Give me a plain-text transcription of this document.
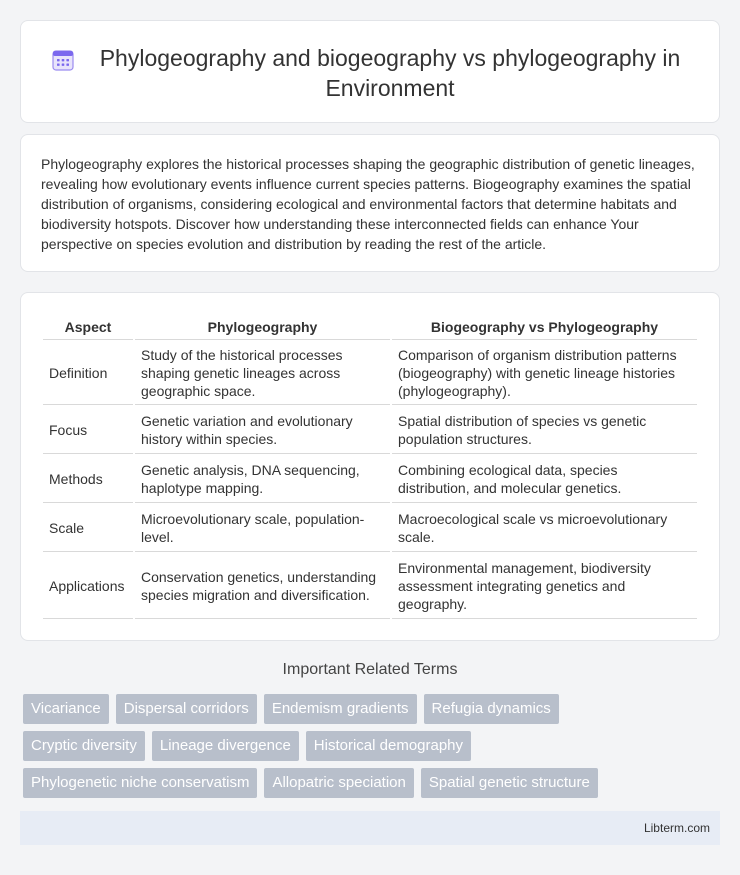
Phylogeography and biogeography vs phylogeography in Environment

Phylogeography explores the historical processes shaping the geographic distribution of genetic lineages, revealing how evolutionary events influence current species patterns. Biogeography examines the spatial distribution of organisms, considering ecological and environmental factors that determine habitats and biodiversity hotspots. Discover how understanding these interconnected fields can enhance Your perspective on species evolution and distribution by reading the rest of the article.

Aspect	Phylogeography	Biogeography vs Phylogeography
Definition	Study of the historical processes shaping genetic lineages across geographic space.	Comparison of organism distribution patterns (biogeography) with genetic lineage histories (phylogeography).
Focus	Genetic variation and evolutionary history within species.	Spatial distribution of species vs genetic population structures.
Methods	Genetic analysis, DNA sequencing, haplotype mapping.	Combining ecological data, species distribution, and molecular genetics.
Scale	Microevolutionary scale, population-level.	Macroecological scale vs microevolutionary scale.
Applications	Conservation genetics, understanding species migration and diversification.	Environmental management, biodiversity assessment integrating genetics and geography.
Important Related Terms
Vicariance	Dispersal corridors	Endemism gradients	Refugia dynamics
Cryptic diversity	Lineage divergence	Historical demography
Phylogenetic niche conservatism	Allopatric speciation	Spatial genetic structure
Libterm.com
